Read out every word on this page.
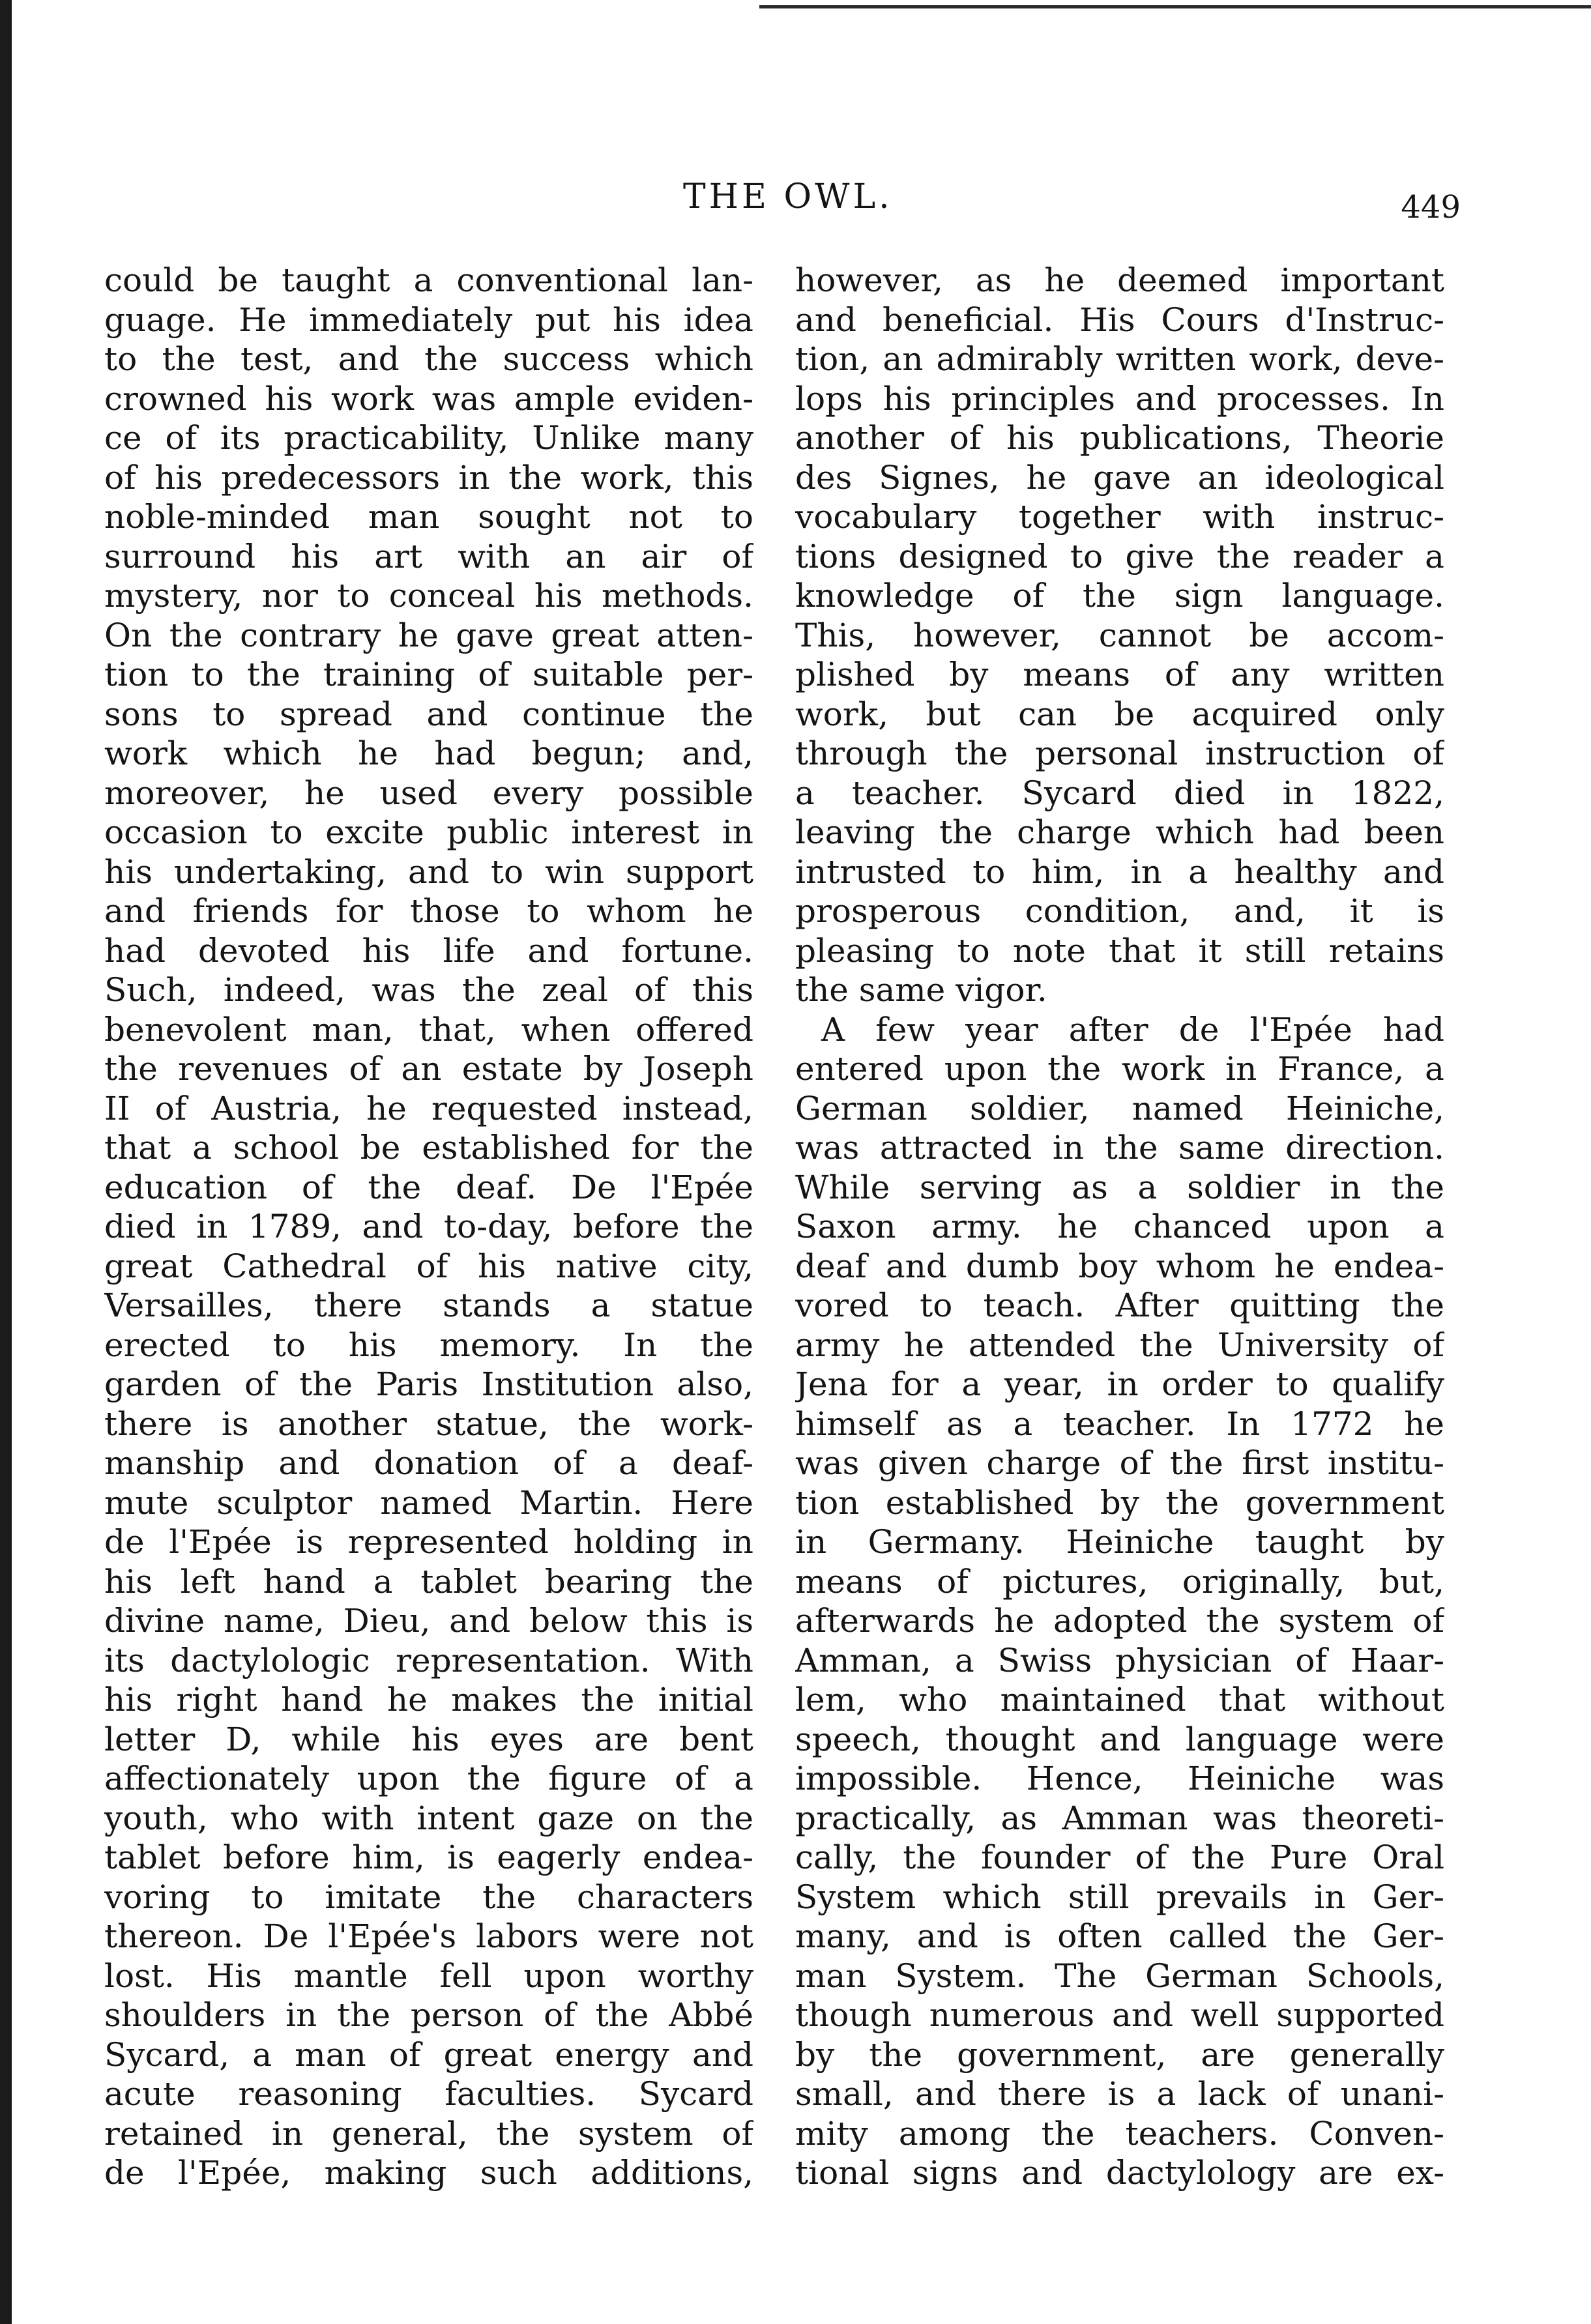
THE OWL.	449
could be taught a conventional lan-
guage. He immediately put his idea
to the test, and the success which
crowned his work was ample eviden-
ce of its practicability, Unlike many
of his predecessors in the work, this
noble-minded man sought not to
surround his art with an air of
mystery, nor to conceal his methods.
On the contrary he gave great atten-
tion to the training of suitable per-
sons to spread and continue the
work which he had begun; and,
moreover, he used every possible
occasion to excite public interest in
his undertaking, and to win support
and friends for those to whom he
had devoted his life and fortune.
Such, indeed, was the zeal of this
benevolent man, that, when offered
the revenues of an estate by Joseph
II of Austria, he requested instead,
that a school be established for the
education of the deaf. De l'Epée
died in 1789, and to-day, before the
great Cathedral of his native city,
Versailles, there stands a statue
erected to his memory. In the
garden of the Paris Institution also,
there is another statue, the work-
manship and donation of a deaf-
mute sculptor named Martin. Here
de l'Epée is represented holding in
his left hand a tablet bearing the
divine name, Dieu, and below this is
its dactylologic representation. With
his right hand he makes the initial
letter D, while his eyes are bent
affectionately upon the figure of a
youth, who with intent gaze on the
tablet before him, is eagerly endea-
voring to imitate the characters
thereon. De l'Epée's labors were not
lost. His mantle fell upon worthy
shoulders in the person of the Abbé
Sycard, a man of great energy and
acute reasoning faculties. Sycard
retained in general, the system of
de l'Epée, making such additions,
however, as he deemed important
and beneficial. His Cours d'Instruc-
tion, an admirably written work, deve-
lops his principles and processes. In
another of his publications, Theorie
des Signes, he gave an ideological
vocabulary together with instruc-
tions designed to give the reader a
knowledge of the sign language.
This, however, cannot be accom-
plished by means of any written
work, but can be acquired only
through the personal instruction of
a teacher. Sycard died in 1822,
leaving the charge which had been
intrusted to him, in a healthy and
prosperous condition, and, it is
pleasing to note that it still retains
the same vigor.
A few year after de l'Epée had
entered upon the work in France, a
German soldier, named Heiniche,
was attracted in the same direction.
While serving as a soldier in the
Saxon army. he chanced upon a
deaf and dumb boy whom he endea-
vored to teach. After quitting the
army he attended the University of
Jena for a year, in order to qualify
himself as a teacher. In 1772 he
was given charge of the first institu-
tion established by the government
in Germany. Heiniche taught by
means of pictures, originally, but,
afterwards he adopted the system of
Amman, a Swiss physician of Haar-
lem, who maintained that without
speech, thought and language were
impossible. Hence, Heiniche was
practically, as Amman was theoreti-
cally, the founder of the Pure Oral
System which still prevails in Ger-
many, and is often called the Ger-
man System. The German Schools,
though numerous and well supported
by the government, are generally
small, and there is a lack of unani-
mity among the teachers. Conven-
tional signs and dactylology are ex-
